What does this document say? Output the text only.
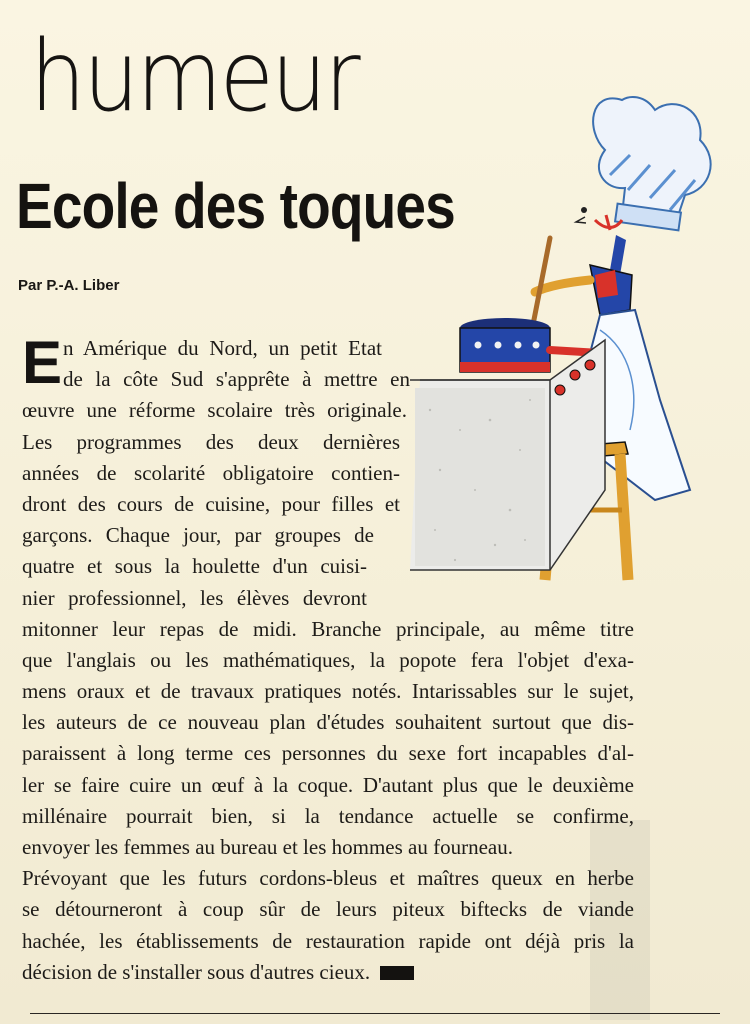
humeur
Ecole des toques
Par P.-A. Liber
E n Amérique du Nord, un petit Etat
de la côte Sud s'apprête à mettre en
œuvre une réforme scolaire très originale.
Les programmes des deux dernières
années de scolarité obligatoire contien-
dront des cours de cuisine, pour filles et
garçons. Chaque jour, par groupes de
quatre et sous la houlette d'un cuisi-
nier professionnel, les élèves devront
mitonner leur repas de midi. Branche principale, au même titre
que l'anglais ou les mathématiques, la popote fera l'objet d'exa-
mens oraux et de travaux pratiques notés. Intarissables sur le sujet,
les auteurs de ce nouveau plan d'études souhaitent surtout que dis-
paraissent à long terme ces personnes du sexe fort incapables d'al-
ler se faire cuire un œuf à la coque. D'autant plus que le deuxième
millénaire pourrait bien, si la tendance actuelle se confirme,
envoyer les femmes au bureau et les hommes au fourneau.
Prévoyant que les futurs cordons-bleus et maîtres queux en herbe
se détourneront à coup sûr de leurs piteux biftecks de viande
hachée, les établissements de restauration rapide ont déjà pris la
décision de s'installer sous d'autres cieux.
